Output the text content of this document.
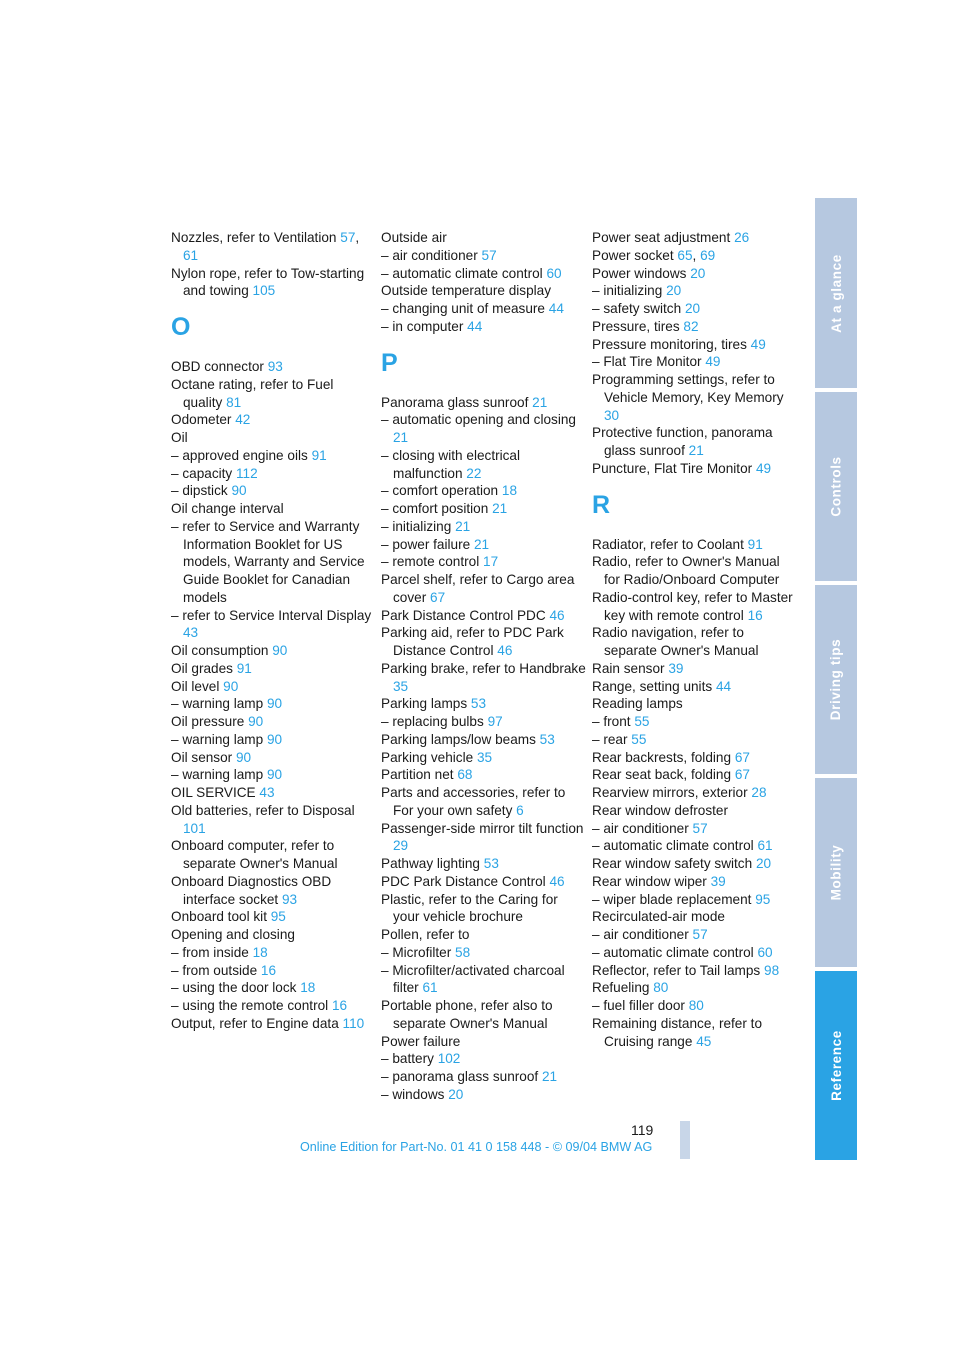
Nozzles, refer to Ventilation 57, 61

Nylon rope, refer to Tow-starting and towing 105

O

OBD connector 93

Octane rating, refer to Fuel quality 81

Odometer 42

Oil

– approved engine oils 91

– capacity 112

– dipstick 90

Oil change interval

– refer to Service and Warranty Information Booklet for US models, Warranty and Service Guide Booklet for Canadian models

– refer to Service Interval Display 43

Oil consumption 90

Oil grades 91

Oil level 90

– warning lamp 90

Oil pressure 90

– warning lamp 90

Oil sensor 90

– warning lamp 90

OIL SERVICE 43

Old batteries, refer to Disposal 101

Onboard computer, refer to separate Owner's Manual

Onboard Diagnostics OBD interface socket 93

Onboard tool kit 95

Opening and closing

– from inside 18

– from outside 16

– using the door lock 18

– using the remote control 16

Output, refer to Engine data 110

Outside air

– air conditioner 57

– automatic climate control 60

Outside temperature display

– changing unit of measure 44

– in computer 44

P

Panorama glass sunroof 21

– automatic opening and closing 21

– closing with electrical malfunction 22

– comfort operation 18

– comfort position 21

– initializing 21

– power failure 21

– remote control 17

Parcel shelf, refer to Cargo area cover 67

Park Distance Control PDC 46

Parking aid, refer to PDC Park Distance Control 46

Parking brake, refer to Handbrake 35

Parking lamps 53

– replacing bulbs 97

Parking lamps/low beams 53

Parking vehicle 35

Partition net 68

Parts and accessories, refer to For your own safety 6

Passenger-side mirror tilt function 29

Pathway lighting 53

PDC Park Distance Control 46

Plastic, refer to the Caring for your vehicle brochure

Pollen, refer to

– Microfilter 58

– Microfilter/activated charcoal filter 61

Portable phone, refer also to separate Owner's Manual

Power failure

– battery 102

– panorama glass sunroof 21

– windows 20

Power seat adjustment 26

Power socket 65, 69

Power windows 20

– initializing 20

– safety switch 20

Pressure, tires 82

Pressure monitoring, tires 49

– Flat Tire Monitor 49

Programming settings, refer to Vehicle Memory, Key Memory 30

Protective function, panorama glass sunroof 21

Puncture, Flat Tire Monitor 49

R

Radiator, refer to Coolant 91

Radio, refer to Owner's Manual for Radio/Onboard Computer

Radio-control key, refer to Master key with remote control 16

Radio navigation, refer to separate Owner's Manual

Rain sensor 39

Range, setting units 44

Reading lamps

– front 55

– rear 55

Rear backrests, folding 67

Rear seat back, folding 67

Rearview mirrors, exterior 28

Rear window defroster

– air conditioner 57

– automatic climate control 61

Rear window safety switch 20

Rear window wiper 39

– wiper blade replacement 95

Recirculated-air mode

– air conditioner 57

– automatic climate control 60

Reflector, refer to Tail lamps 98

Refueling 80

– fuel filler door 80

Remaining distance, refer to Cruising range 45

At a glance
Controls
Driving tips
Mobility
Reference
119
Online Edition for Part-No. 01 41 0 158 448 - © 09/04 BMW AG
